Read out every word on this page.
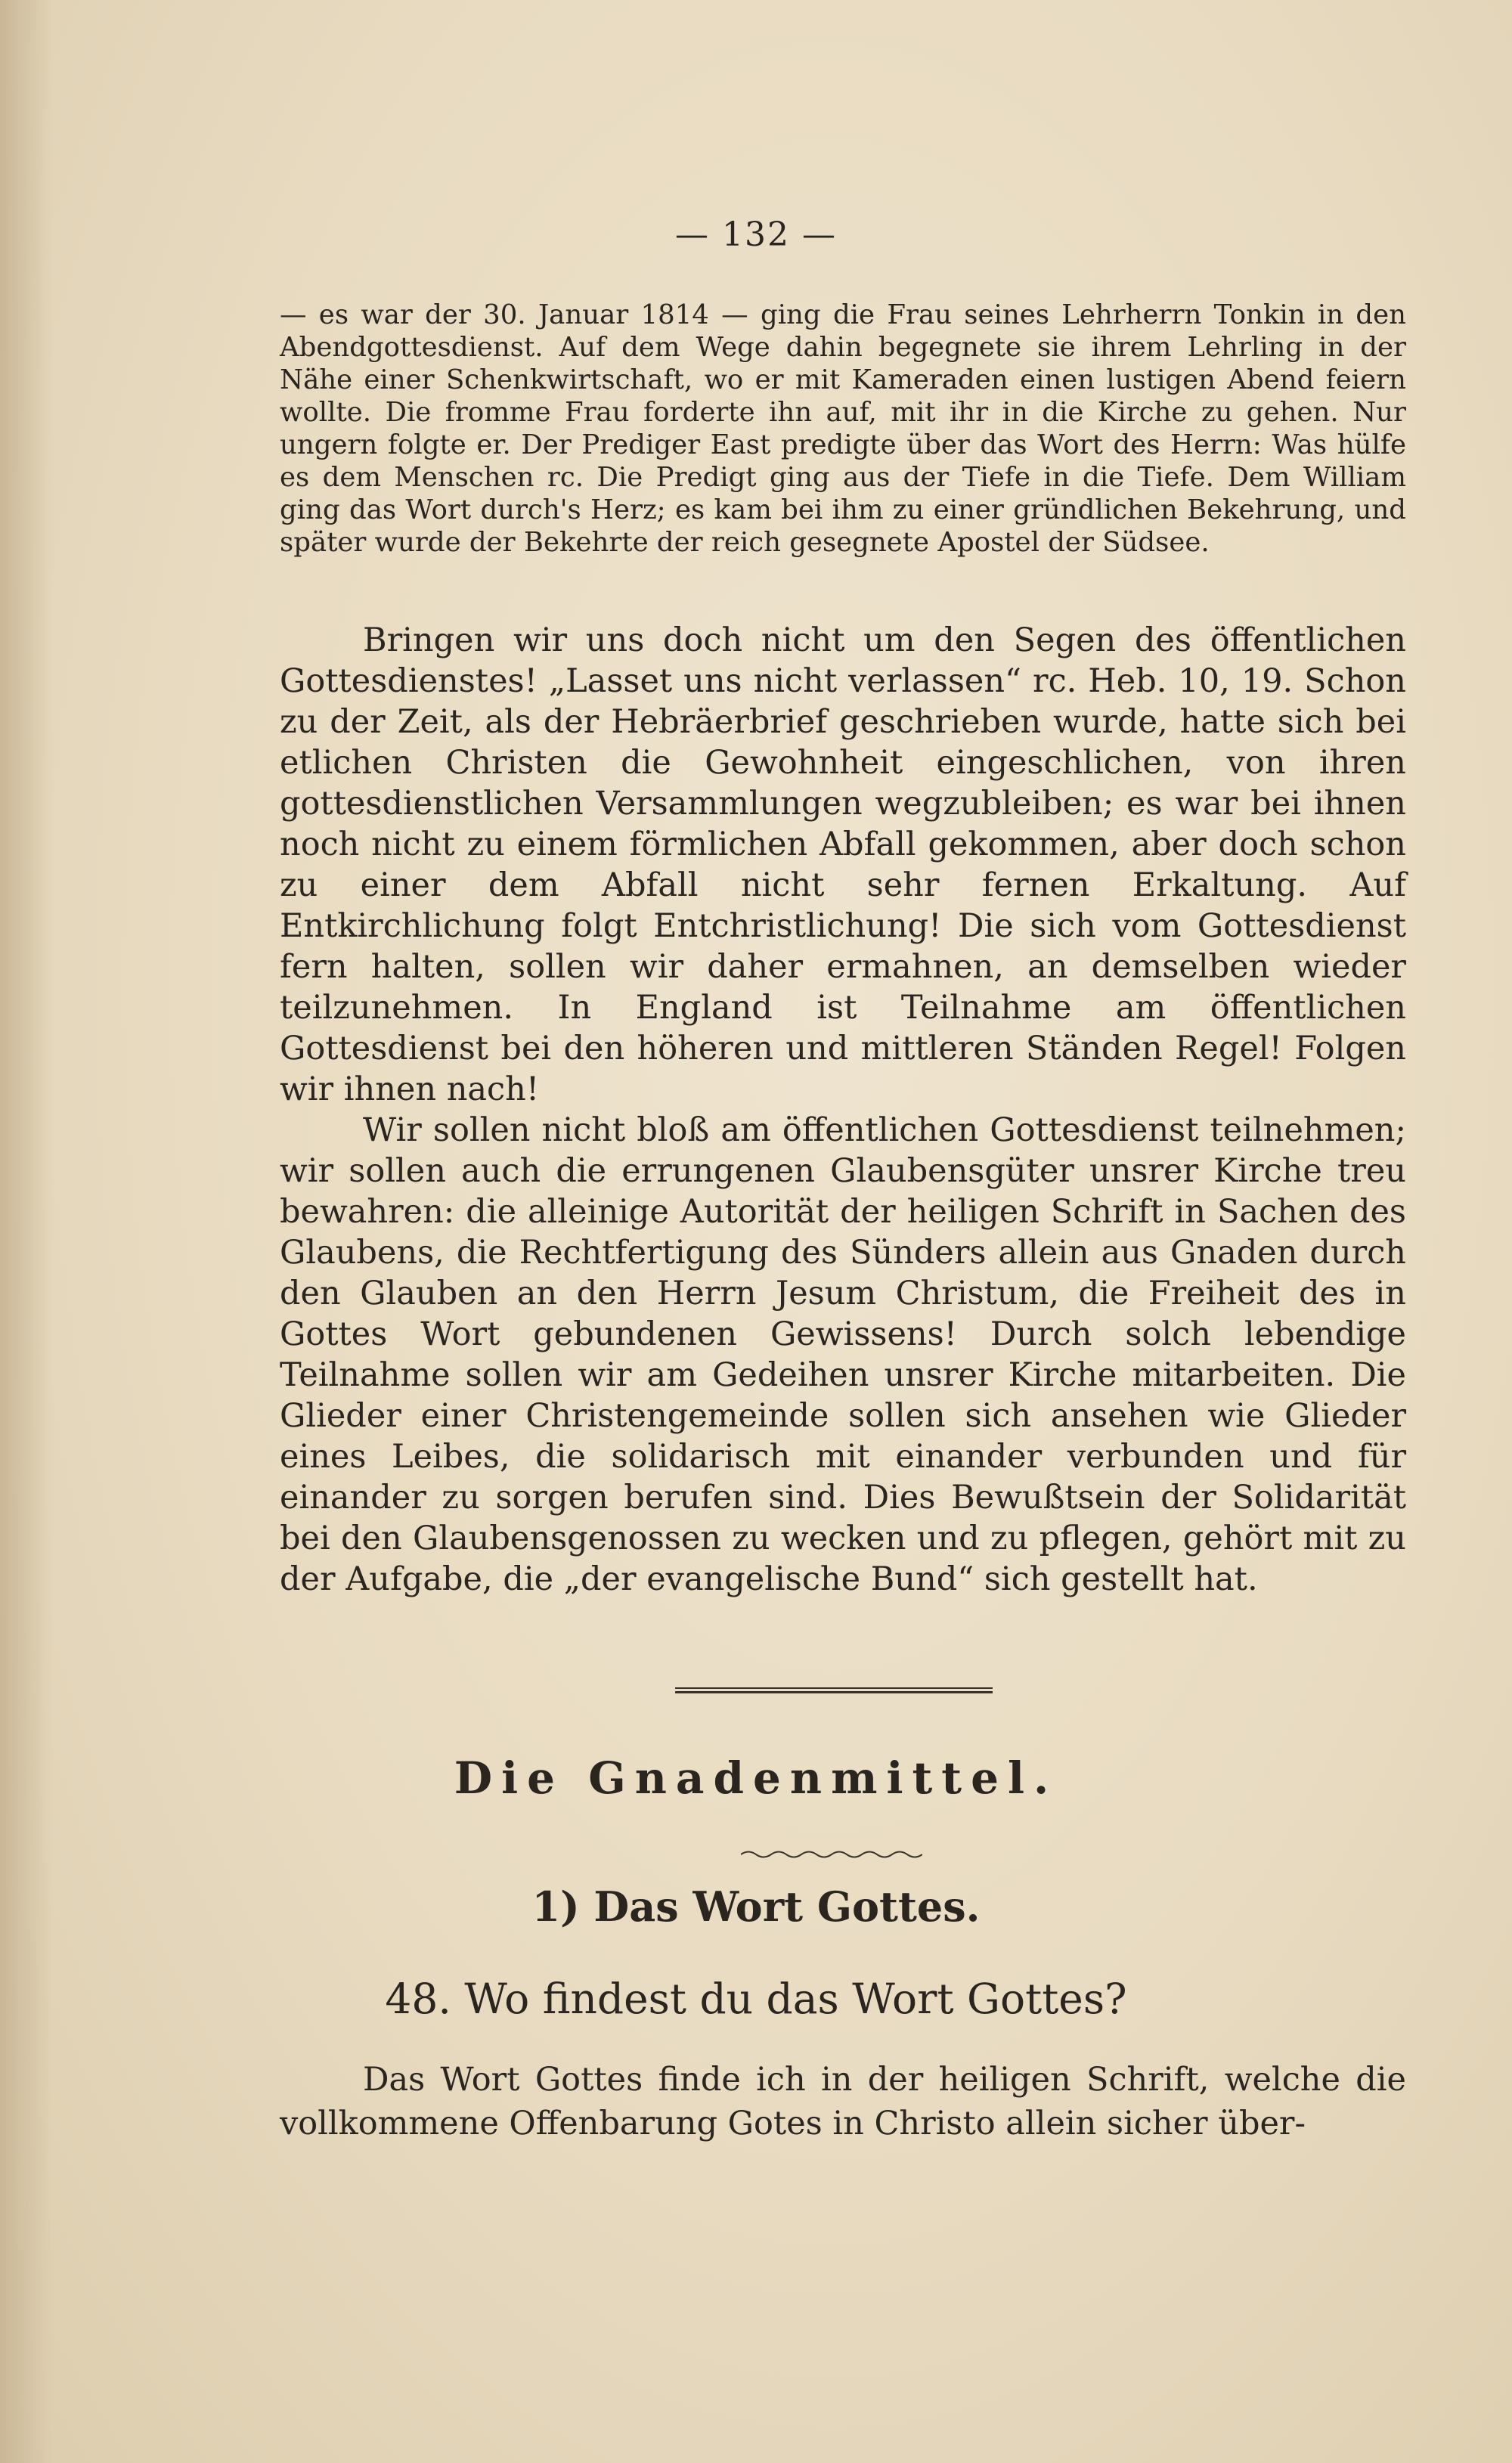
— 132 —

— es war der 30. Januar 1814 — ging die Frau seines Lehrherrn Tonkin in den Abendgottesdienst. Auf dem Wege dahin begegnete sie ihrem Lehrling in der Nähe einer Schenkwirtschaft, wo er mit Kameraden einen lustigen Abend feiern wollte. Die fromme Frau forderte ihn auf, mit ihr in die Kirche zu gehen. Nur ungern folgte er. Der Prediger East predigte über das Wort des Herrn: Was hülfe es dem Menschen rc. Die Predigt ging aus der Tiefe in die Tiefe. Dem William ging das Wort durch's Herz; es kam bei ihm zu einer gründlichen Bekehrung, und später wurde der Bekehrte der reich gesegnete Apostel der Südsee.

Bringen wir uns doch nicht um den Segen des öffentlichen Gottesdienstes! „Lasset uns nicht verlassen“ rc. Heb. 10, 19. Schon zu der Zeit, als der Hebräerbrief geschrieben wurde, hatte sich bei etlichen Christen die Gewohnheit eingeschlichen, von ihren gottesdienstlichen Versammlungen wegzubleiben; es war bei ihnen noch nicht zu einem förmlichen Abfall gekommen, aber doch schon zu einer dem Abfall nicht sehr fernen Erkaltung. Auf Entkirchlichung folgt Entchristlichung! Die sich vom Gottesdienst fern halten, sollen wir daher ermahnen, an demselben wieder teilzunehmen. In England ist Teilnahme am öffentlichen Gottesdienst bei den höheren und mittleren Ständen Regel! Folgen wir ihnen nach!

Wir sollen nicht bloß am öffentlichen Gottesdienst teilnehmen; wir sollen auch die errungenen Glaubensgüter unsrer Kirche treu bewahren: die alleinige Autorität der heiligen Schrift in Sachen des Glaubens, die Rechtfertigung des Sünders allein aus Gnaden durch den Glauben an den Herrn Jesum Christum, die Freiheit des in Gottes Wort gebundenen Gewissens! Durch solch lebendige Teilnahme sollen wir am Gedeihen unsrer Kirche mitarbeiten. Die Glieder einer Christengemeinde sollen sich ansehen wie Glieder eines Leibes, die solidarisch mit einander verbunden und für einander zu sorgen berufen sind. Dies Bewußtsein der Solidarität bei den Glaubensgenossen zu wecken und zu pflegen, gehört mit zu der Aufgabe, die „der evangelische Bund“ sich gestellt hat.

Die Gnadenmittel.
1) Das Wort Gottes.
48. Wo findest du das Wort Gottes?

Das Wort Gottes finde ich in der heiligen Schrift, welche die vollkommene Offenbarung Gotes in Christo allein sicher über-
